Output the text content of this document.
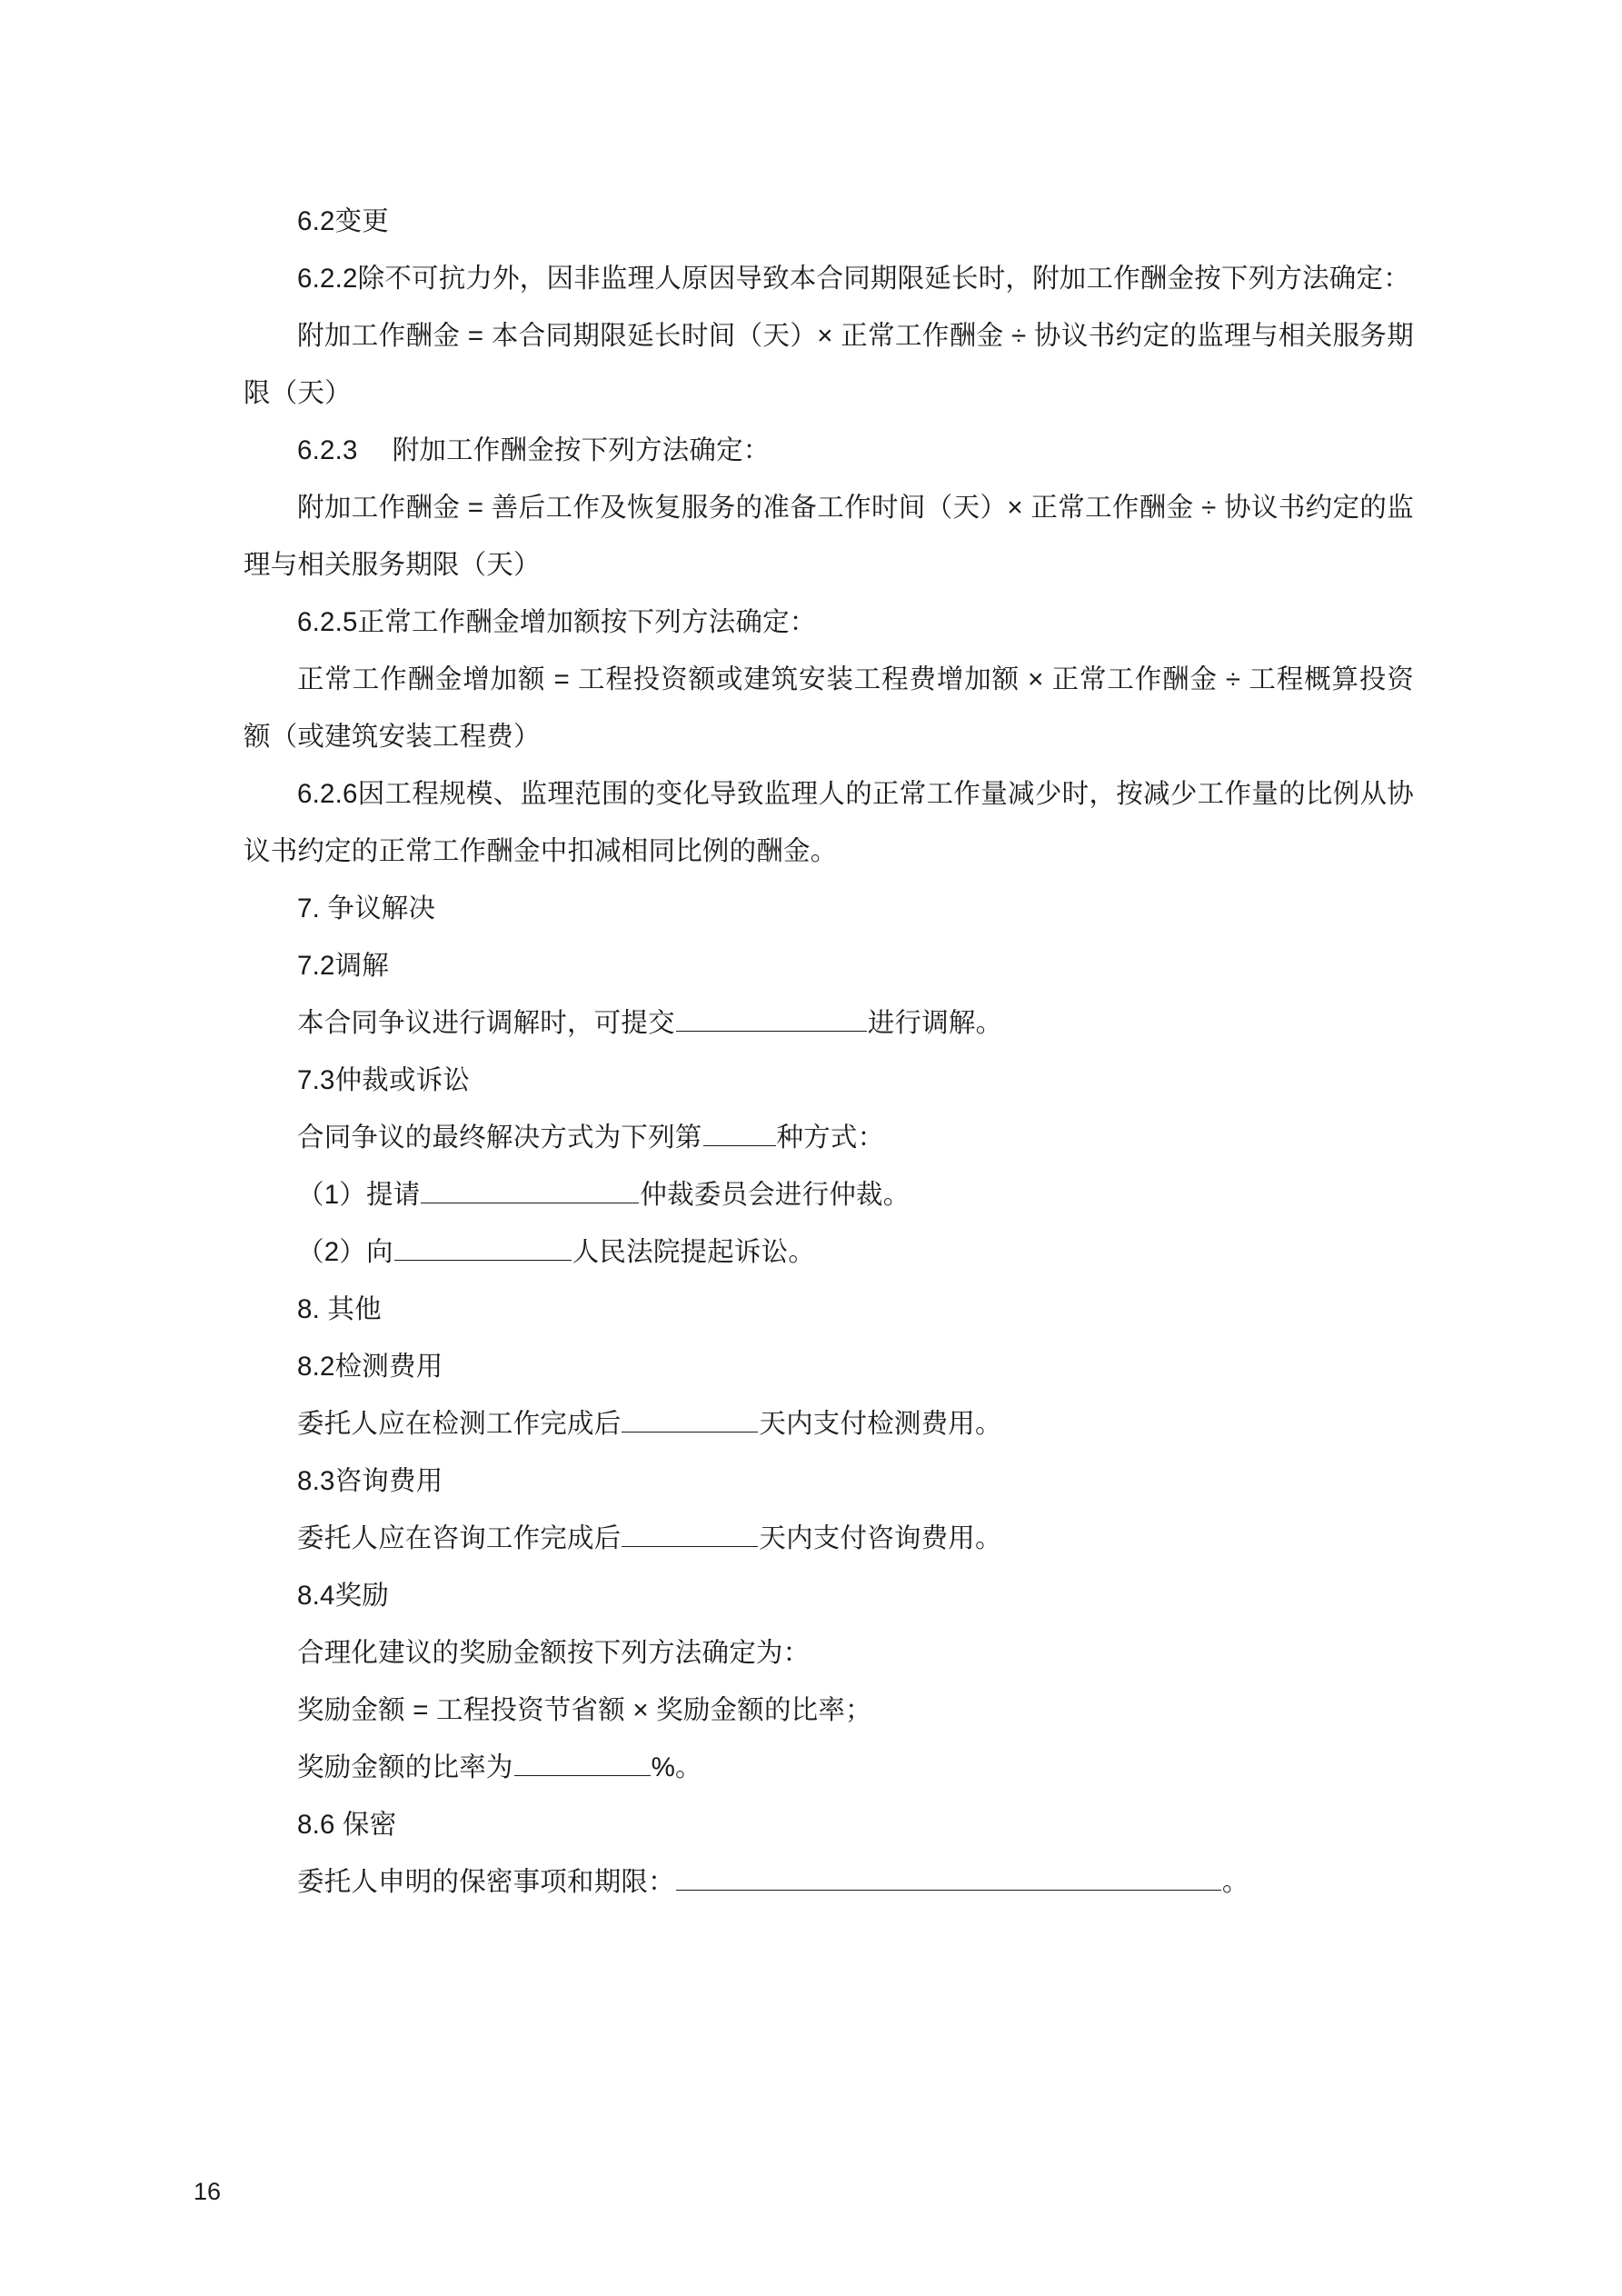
6.2变更

6.2.2除不可抗力外，因非监理人原因导致本合同期限延长时，附加工作酬金按下列方法确定：

附加工作酬金 = 本合同期限延长时间（天）× 正常工作酬金 ÷ 协议书约定的监理与相关服务期限（天）

6.2.3　 附加工作酬金按下列方法确定：

附加工作酬金 = 善后工作及恢复服务的准备工作时间（天）× 正常工作酬金 ÷ 协议书约定的监理与相关服务期限（天）

6.2.5正常工作酬金增加额按下列方法确定：

正常工作酬金增加额 = 工程投资额或建筑安装工程费增加额 × 正常工作酬金 ÷ 工程概算投资额（或建筑安装工程费）

6.2.6因工程规模、监理范围的变化导致监理人的正常工作量减少时，按减少工作量的比例从协议书约定的正常工作酬金中扣减相同比例的酬金。

7. 争议解决

7.2调解

本合同争议进行调解时，可提交	进行调解。

7.3仲裁或诉讼

合同争议的最终解决方式为下列第	种方式：

（1）提请	仲裁委员会进行仲裁。

（2）向	人民法院提起诉讼。

8. 其他

8.2检测费用

委托人应在检测工作完成后	天内支付检测费用。

8.3咨询费用

委托人应在咨询工作完成后	天内支付咨询费用。

8.4奖励

合理化建议的奖励金额按下列方法确定为：

奖励金额 = 工程投资节省额 × 奖励金额的比率；

奖励金额的比率为	%。

8.6 保密

委托人申明的保密事项和期限：	。

16
